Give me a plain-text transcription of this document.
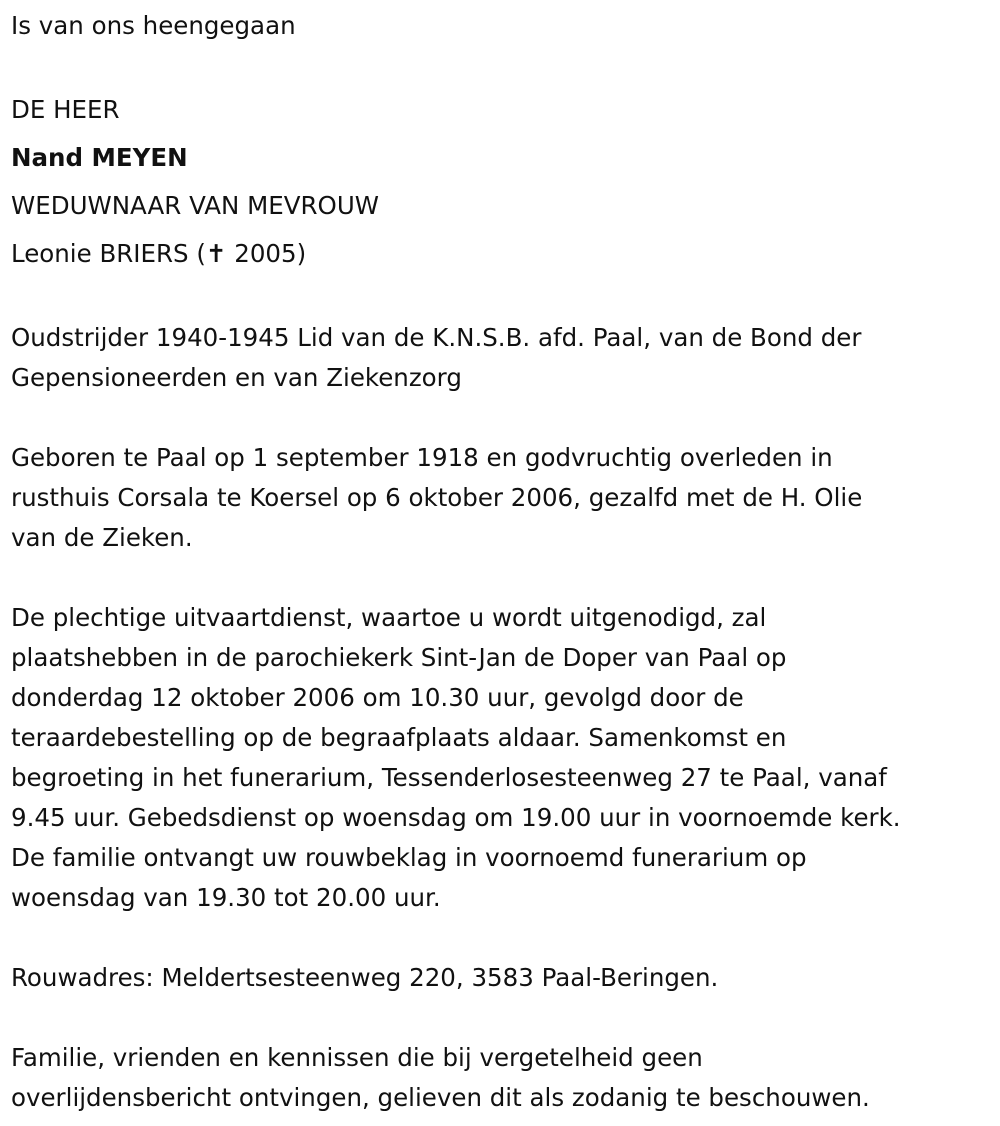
Is van ons heengegaan
DE HEER
Nand MEYEN
WEDUWNAAR VAN MEVROUW
Leonie BRIERS (✝ 2005)
Oudstrijder 1940-1945 Lid van de K.N.S.B. afd. Paal, van de Bond der
Gepensioneerden en van Ziekenzorg
Geboren te Paal op 1 september 1918 en godvruchtig overleden in
rusthuis Corsala te Koersel op 6 oktober 2006, gezalfd met de H. Olie
van de Zieken.
De plechtige uitvaartdienst, waartoe u wordt uitgenodigd, zal
plaatshebben in de parochiekerk Sint-Jan de Doper van Paal op
donderdag 12 oktober 2006 om 10.30 uur, gevolgd door de
teraardebestelling op de begraafplaats aldaar. Samenkomst en
begroeting in het funerarium, Tessenderlosesteenweg 27 te Paal, vanaf
9.45 uur. Gebedsdienst op woensdag om 19.00 uur in voornoemde kerk.
De familie ontvangt uw rouwbeklag in voornoemd funerarium op
woensdag van 19.30 tot 20.00 uur.
Rouwadres: Meldertsesteenweg 220, 3583 Paal-Beringen.
Familie, vrienden en kennissen die bij vergetelheid geen
overlijdensbericht ontvingen, gelieven dit als zodanig te beschouwen.
